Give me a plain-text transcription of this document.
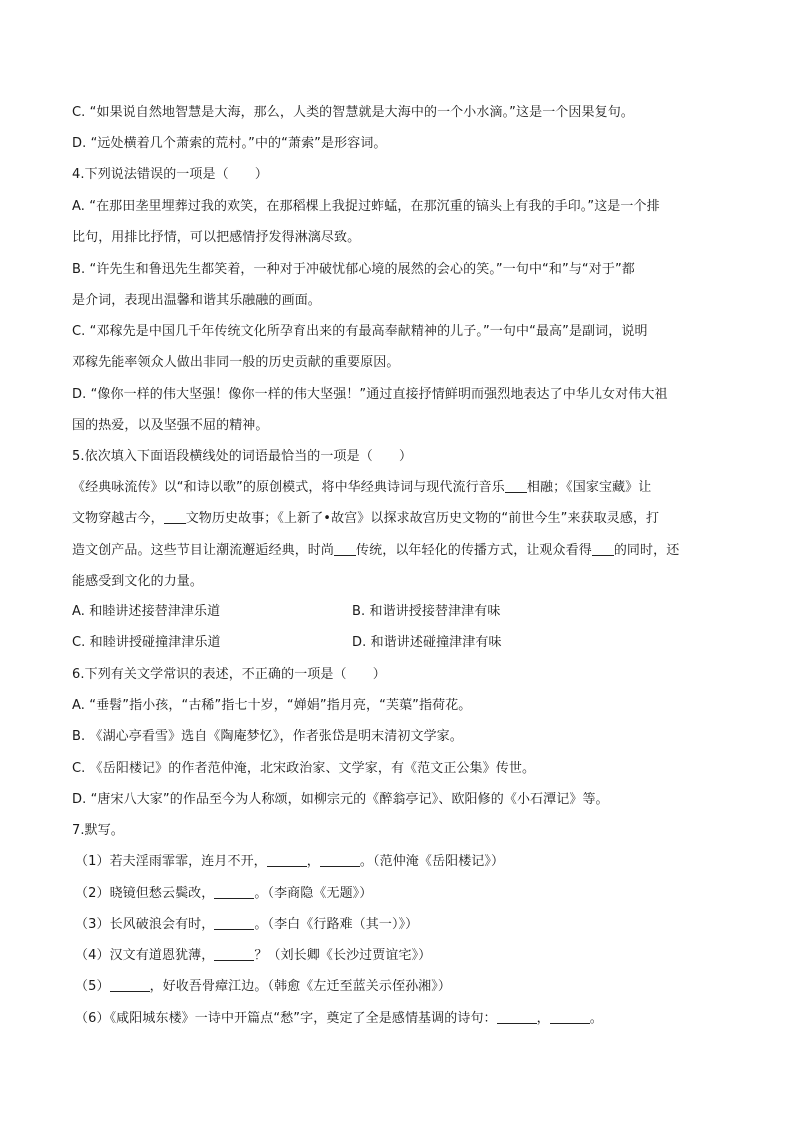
C. “如果说自然地智慧是大海，那么，人类的智慧就是大海中的一个小水滴。”这是一个因果复句。
D. “远处横着几个萧索的荒村。”中的“萧索”是形容词。
4.下列说法错误的一项是（　　）
A. “在那田垄里埋葬过我的欢笑，在那稻棵上我捉过蚱蜢，在那沉重的镐头上有我的手印。”这是一个排
比句，用排比抒情，可以把感情抒发得淋漓尽致。
B. “许先生和鲁迅先生都笑着，一种对于冲破忧郁心境的展然的会心的笑。”一句中“和”与“对于”都
是介词，表现出温馨和谐其乐融融的画面。
C. “邓稼先是中国几千年传统文化所孕育出来的有最高奉献精神的儿子。”一句中“最高”是副词，说明
邓稼先能率领众人做出非同一般的历史贡献的重要原因。
D. “像你一样的伟大坚强！像你一样的伟大坚强！”通过直接抒情鲜明而强烈地表达了中华儿女对伟大祖
国的热爱，以及坚强不屈的精神。
5.依次填入下面语段横线处的词语最恰当的一项是（　　）
《经典咏流传》以“和诗以歌”的原创模式，将中华经典诗词与现代流行音乐 相融；《国家宝藏》让
文物穿越古今， 文物历史故事；《上新了•故宫》以探求故宫历史文物的“前世今生”来获取灵感，打
造文创产品。这些节目让潮流邂逅经典，时尚 传统，以年轻化的传播方式，让观众看得 的同时，还
能感受到文化的力量。
A. 和睦讲述接替津津乐道	B. 和谐讲授接替津津有味
C. 和睦讲授碰撞津津乐道	D. 和谐讲述碰撞津津有味
6.下列有关文学常识的表述，不正确的一项是（　　）
A. “垂髫”指小孩，“古稀”指七十岁，“婵娟”指月亮，“芙蕖”指荷花。
B. 《湖心亭看雪》选自《陶庵梦忆》，作者张岱是明末清初文学家。
C. 《岳阳楼记》的作者范仲淹，北宋政治家、文学家，有《范文正公集》传世。
D. “唐宋八大家”的作品至今为人称颂，如柳宗元的《醉翁亭记》、欧阳修的《小石潭记》等。
7.默写。
（1）若夫淫雨霏霏，连月不开，	，	。（范仲淹《岳阳楼记》）
（2）晓镜但愁云鬓改，	。（李商隐《无题》）
（3）长风破浪会有时，	。（李白《行路难（其一）》）
（4）汉文有道恩犹薄，	？（刘长卿《长沙过贾谊宅》）
（5）	，好收吾骨瘴江边。（韩愈《左迁至蓝关示侄孙湘》）
（6）《咸阳城东楼》一诗中开篇点“愁”字，奠定了全是感情基调的诗句：	，	。
